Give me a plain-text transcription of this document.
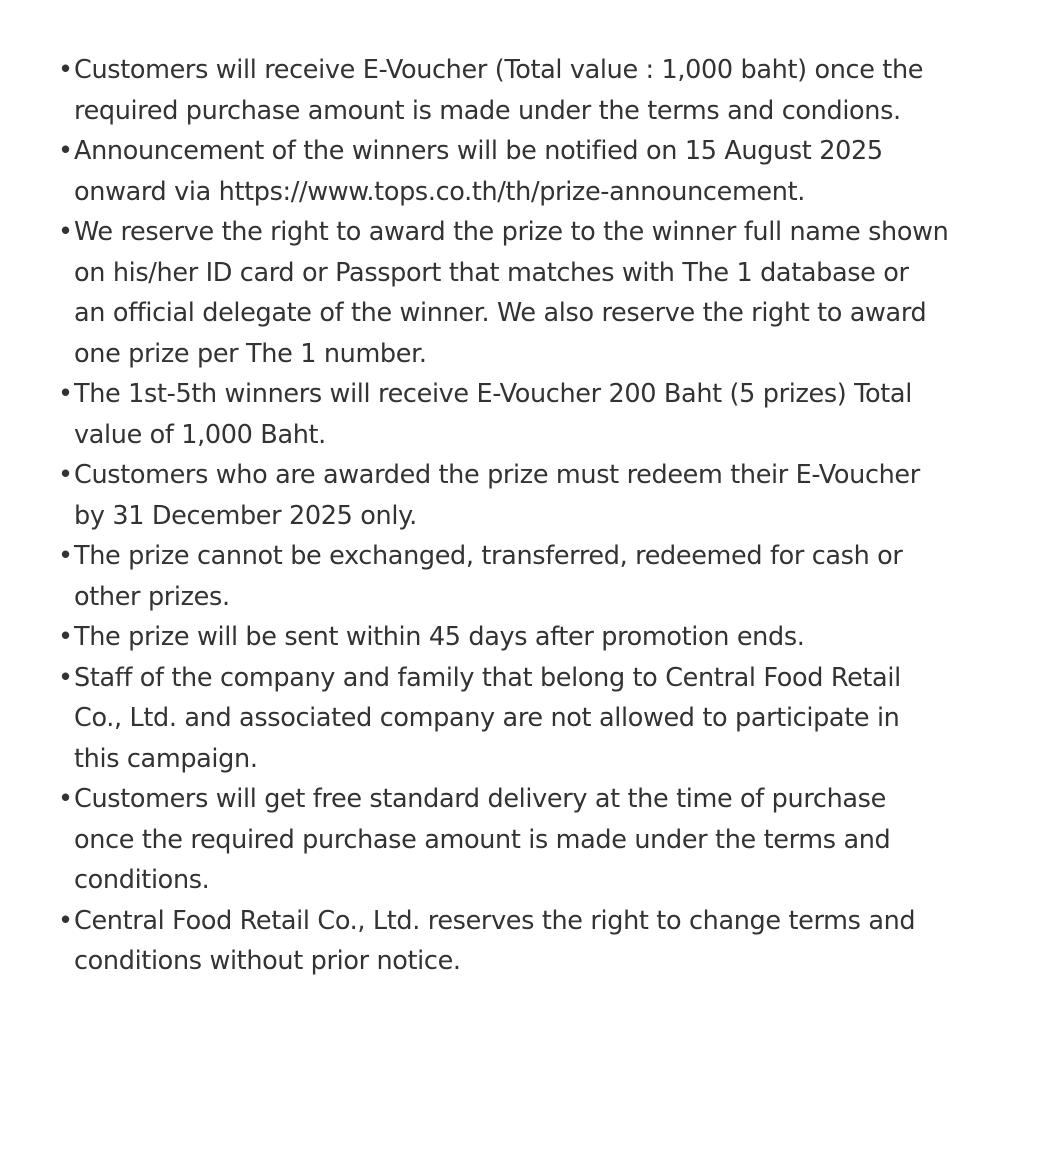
• Customers will receive E-Voucher (Total value : 1,000 baht) once the
required purchase amount is made under the terms and condions.
• Announcement of the winners will be notified on 15 August 2025
onward via https://www.tops.co.th/th/prize-announcement.
• We reserve the right to award the prize to the winner full name shown
on his/her ID card or Passport that matches with The 1 database or
an official delegate of the winner. We also reserve the right to award
one prize per The 1 number.
• The 1st-5th winners will receive E-Voucher 200 Baht (5 prizes) Total
value of 1,000 Baht.
• Customers who are awarded the prize must redeem their E-Voucher
by 31 December 2025 only.
• The prize cannot be exchanged, transferred, redeemed for cash or
other prizes.
• The prize will be sent within 45 days after promotion ends.
• Staff of the company and family that belong to Central Food Retail
Co., Ltd. and associated company are not allowed to participate in
this campaign.
• Customers will get free standard delivery at the time of purchase
once the required purchase amount is made under the terms and
conditions.
• Central Food Retail Co., Ltd. reserves the right to change terms and
conditions without prior notice.
